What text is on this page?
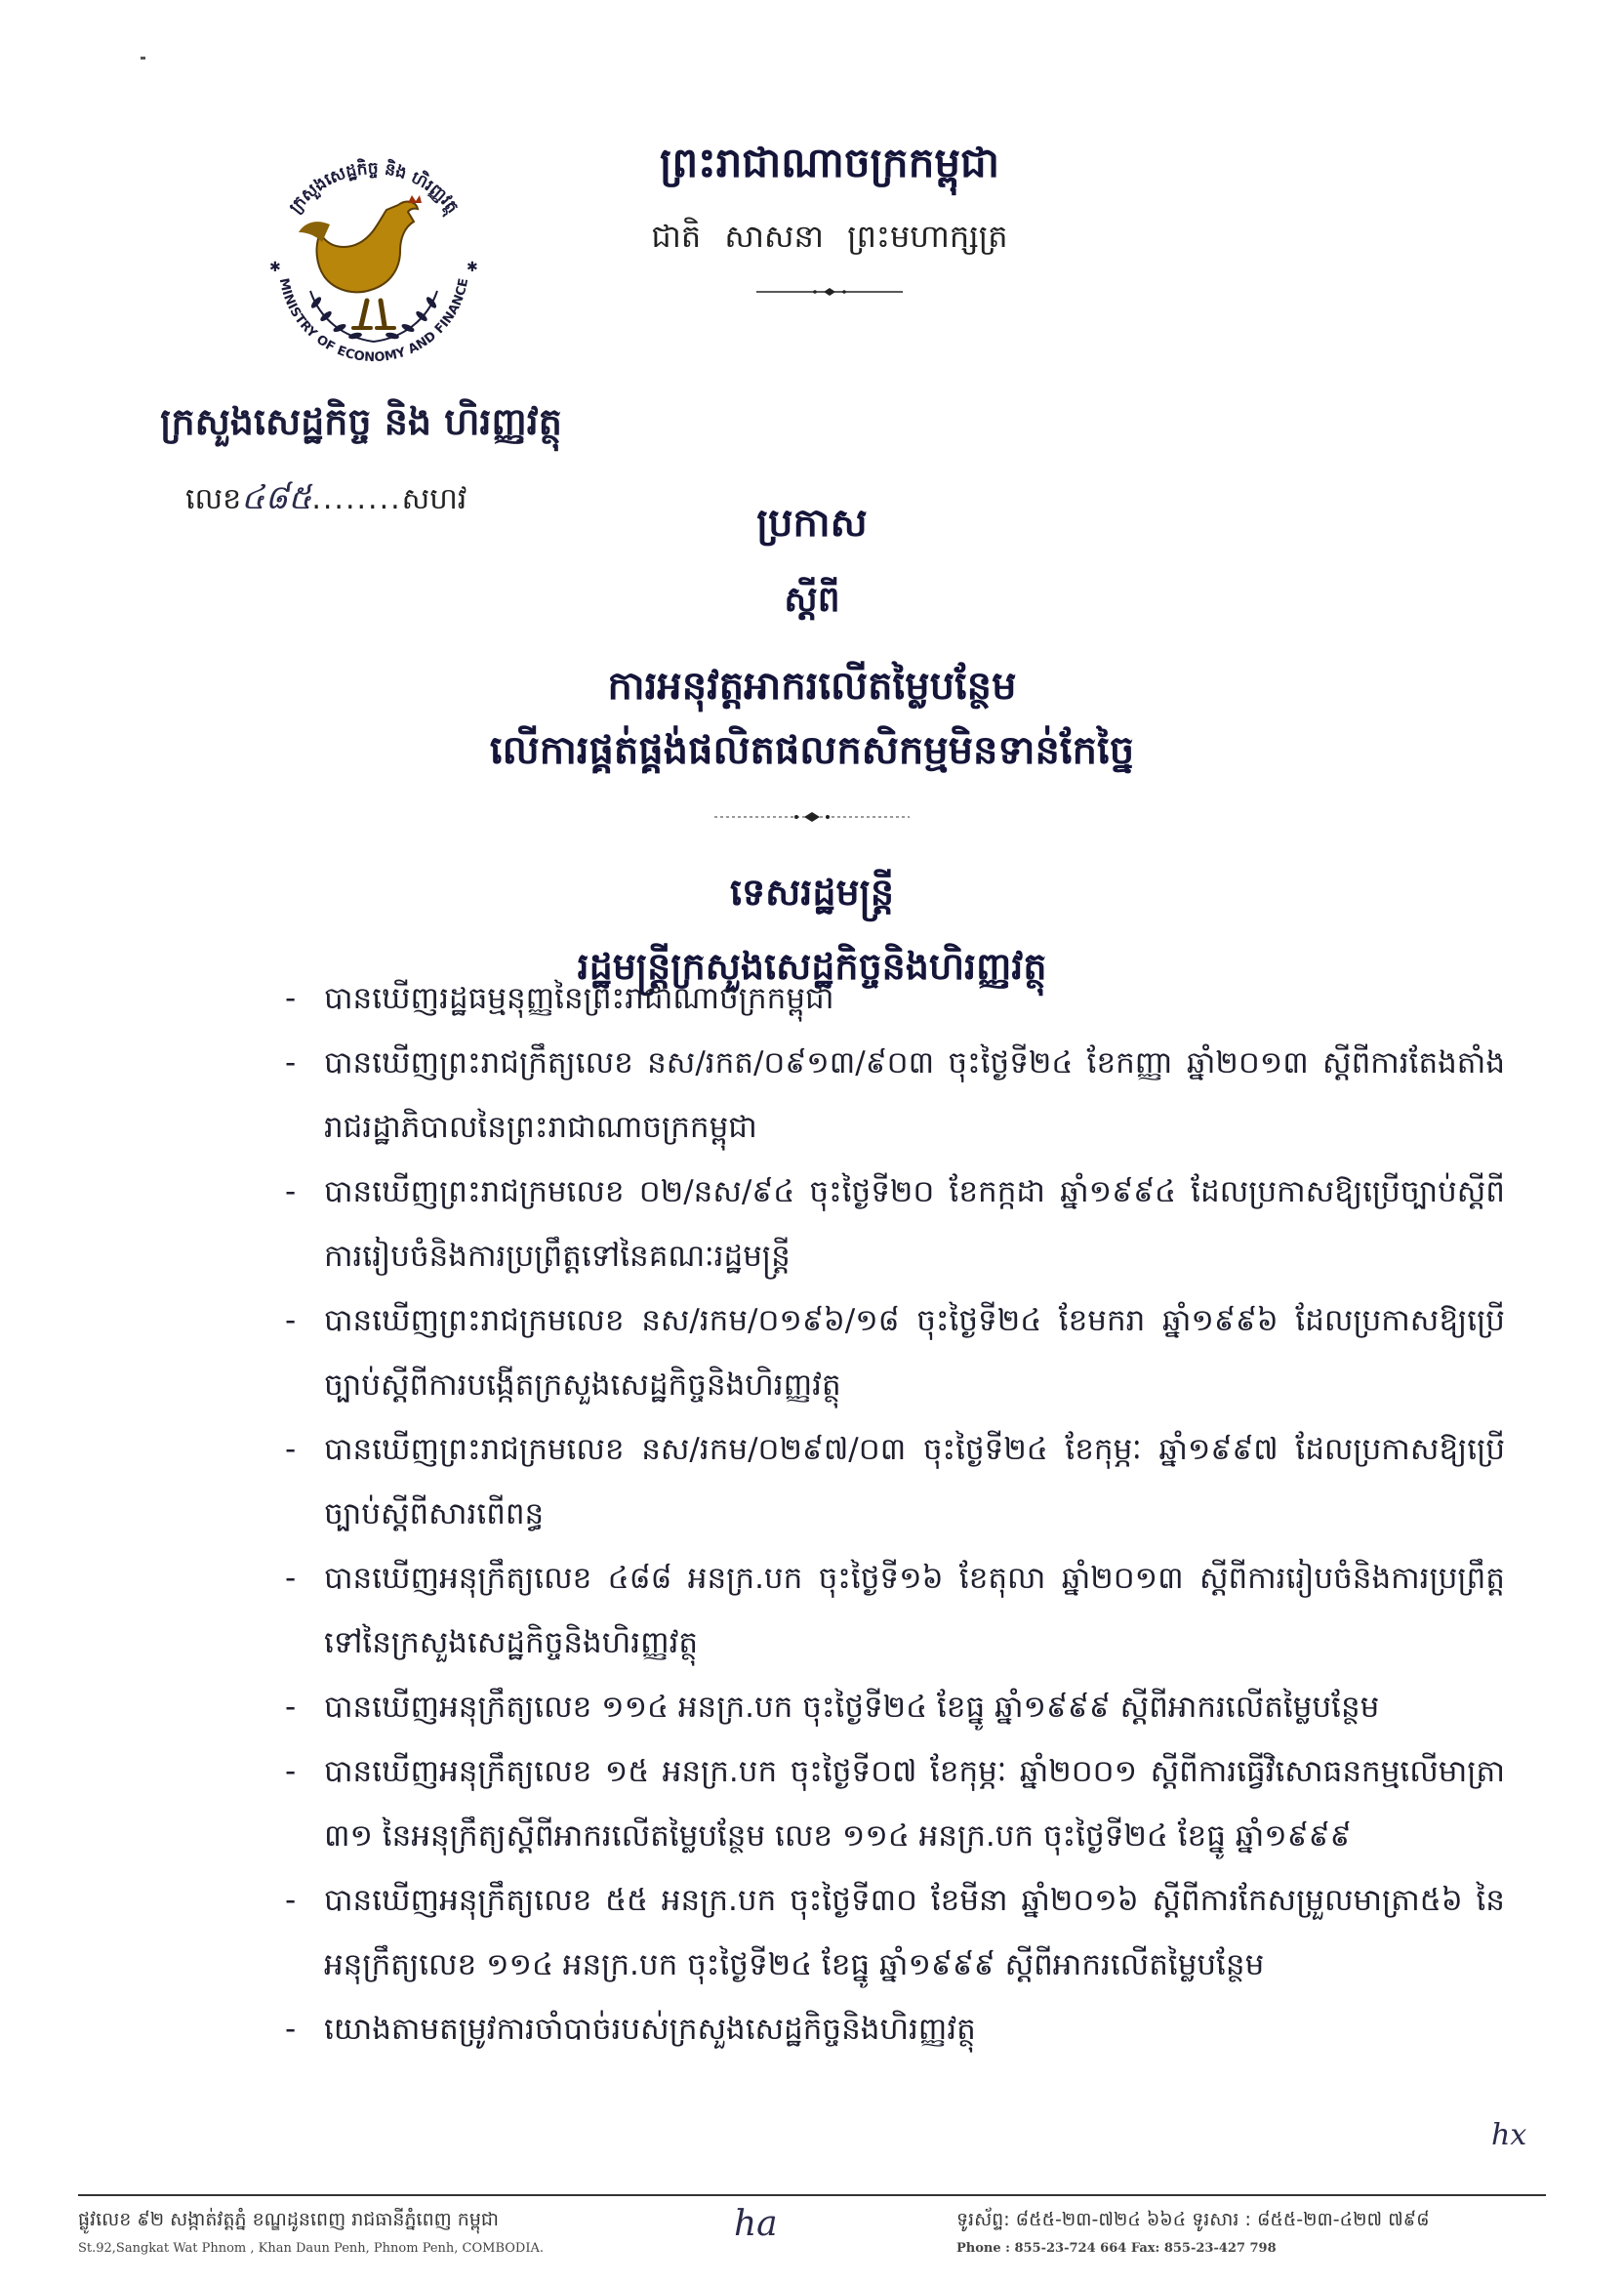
ក្រសួងសេដ្ឋកិច្ច និង ហិរញ្ញវត្ថុ
MINISTRY OF ECONOMY AND FINANCE
✱	✱
ក្រសួងសេដ្ឋកិច្ច និង ហិរញ្ញវត្ថុ
លេខ៤៨៥........សហវ
ព្រះរាជាណាចក្រកម្ពុជា
ជាតិ សាសនា ព្រះមហាក្សត្រ
ប្រកាស
ស្តីពី
ការអនុវត្តអាករលើតម្លៃបន្ថែម
លើការផ្គត់ផ្គង់ផលិតផលកសិកម្មមិនទាន់កែច្នៃ
ទេសរដ្ឋមន្ត្រី
រដ្ឋមន្ត្រីក្រសួងសេដ្ឋកិច្ចនិងហិរញ្ញវត្ថុ
- បានឃើញរដ្ឋធម្មនុញ្ញនៃព្រះរាជាណាចក្រកម្ពុជា
- បានឃើញព្រះរាជក្រឹត្យលេខ នស/រកត/០៩១៣/៩០៣ ចុះថ្ងៃទី២៤ ខែកញ្ញា ឆ្នាំ២០១៣ ស្តីពីការតែងតាំងរាជរដ្ឋាភិបាលនៃព្រះរាជាណាចក្រកម្ពុជា
- បានឃើញព្រះរាជក្រមលេខ ០២/នស/៩៤ ចុះថ្ងៃទី២០ ខែកក្កដា ឆ្នាំ១៩៩៤ ដែលប្រកាសឱ្យប្រើច្បាប់ស្តីពីការរៀបចំនិងការប្រព្រឹត្តទៅនៃគណៈរដ្ឋមន្ត្រី
- បានឃើញព្រះរាជក្រមលេខ នស/រកម/០១៩៦/១៨ ចុះថ្ងៃទី២៤ ខែមករា ឆ្នាំ១៩៩៦ ដែលប្រកាសឱ្យប្រើច្បាប់ស្តីពីការបង្កើតក្រសួងសេដ្ឋកិច្ចនិងហិរញ្ញវត្ថុ
- បានឃើញព្រះរាជក្រមលេខ នស/រកម/០២៩៧/០៣ ចុះថ្ងៃទី២៤ ខែកុម្ភៈ ឆ្នាំ១៩៩៧ ដែលប្រកាសឱ្យប្រើច្បាប់ស្តីពីសារពើពន្ធ
- បានឃើញអនុក្រឹត្យលេខ ៤៨៨ អនក្រ.បក ចុះថ្ងៃទី១៦ ខែតុលា ឆ្នាំ២០១៣ ស្តីពីការរៀបចំនិងការប្រព្រឹត្តទៅនៃក្រសួងសេដ្ឋកិច្ចនិងហិរញ្ញវត្ថុ
- បានឃើញអនុក្រឹត្យលេខ ១១៤ អនក្រ.បក ចុះថ្ងៃទី២៤ ខែធ្នូ ឆ្នាំ១៩៩៩ ស្តីពីអាករលើតម្លៃបន្ថែម
- បានឃើញអនុក្រឹត្យលេខ ១៥ អនក្រ.បក ចុះថ្ងៃទី០៧ ខែកុម្ភៈ ឆ្នាំ២០០១ ស្តីពីការធ្វើវិសោធនកម្មលើមាត្រា ៣១ នៃអនុក្រឹត្យស្តីពីអាករលើតម្លៃបន្ថែម លេខ ១១៤ អនក្រ.បក ចុះថ្ងៃទី២៤ ខែធ្នូ ឆ្នាំ១៩៩៩
- បានឃើញអនុក្រឹត្យលេខ ៥៥ អនក្រ.បក ចុះថ្ងៃទី៣០ ខែមីនា ឆ្នាំ២០១៦ ស្តីពីការកែសម្រួលមាត្រា៥៦ នៃអនុក្រឹត្យលេខ ១១៤ អនក្រ.បក ចុះថ្ងៃទី២៤ ខែធ្នូ ឆ្នាំ១៩៩៩ ស្តីពីអាករលើតម្លៃបន្ថែម
- យោងតាមតម្រូវការចាំបាច់របស់ក្រសួងសេដ្ឋកិច្ចនិងហិរញ្ញវត្ថុ
hx
ផ្លូវលេខ ៩២ សង្កាត់វត្តភ្នំ ខណ្ឌដូនពេញ រាជធានីភ្នំពេញ កម្ពុជា
St.92,Sangkat Wat Phnom , Khan Daun Penh, Phnom Penh, COMBODIA.
ha	ទូរស័ព្ទ: ៨៥៥-២៣-៧២៤ ៦៦៤ ទូរសារ : ៨៥៥-២៣-៤២៧ ៧៩៨
Phone : 855-23-724 664 Fax: 855-23-427 798
